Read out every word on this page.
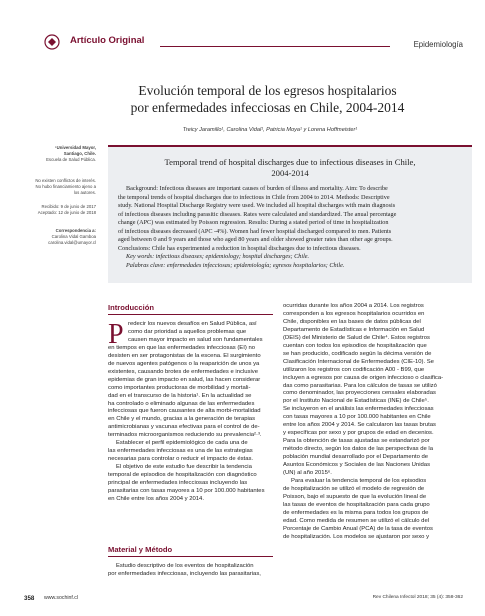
Artículo Original	Epidemiología
Evolución temporal de los egresos hospitalarios
por enfermedades infecciosas en Chile, 2004-2014
Treicy Jaramillo¹, Carolina Vidal¹, Patricia Moya¹ y Lorena Hoffmeister¹
¹Universidad Mayor,
Santiago, Chile.
Escuela de Salud Pública.
No existen conflictos de interés.
No hubo financiamiento ajeno a
los autores.
Recibido: 9 de junio de 2017
Aceptado: 12 de junio de 2018
Correspondencia a:
Carolina Vidal Gamboa
carolina.vidal@umayor.cl
Temporal trend of hospital discharges due to infectious diseases in Chile,
2004-2014
Background: Infectious diseases are important causes of burden of illness and mortality. Aim: To describe
the temporal trends of hospital discharges due to infectious in Chile from 2004 to 2014. Methods: Descriptive
study. National Hospital Discharge Registry were used. We included all hospital discharges with main diagnosis
of infectious diseases including parasitic diseases. Rates were calculated and standardized. The anual percentage
change (APC) was estimated by Poisson regression. Results: During a stated period of time in hospitalization
of infectious diseases decreased (APC -4%). Women had fewer hospital discharged compared to men. Patients
aged between 0 and 9 years and those who aged 80 years and older showed greater rates than other age groups.
Conclusions: Chile has experimented a reduction in hospital discharges due to infectious diseases.
Key words: infectious diseases; epidemiology; hospital discharges; Chile.
Palabras clave: enfermedades infecciosas; epidemiología; egresos hospitalarios; Chile.
Introducción
P redecir los nuevos desafíos en Salud Pública, así
como dar prioridad a aquellos problemas que
causen mayor impacto en salud son fundamentales
en tiempos en que las enfermedades infecciosas (EI) no
desisten en ser protagonistas de la escena. El surgimiento
de nuevos agentes patógenos o la reaparición de unos ya
existentes, causando brotes de enfermedades e inclusive
epidemias de gran impacto en salud, las hacen considerar
como importantes productoras de morbilidad y mortali-
dad en el transcurso de la historia¹. En la actualidad se
ha controlado o eliminado algunas de las enfermedades
infecciosas que fueron causantes de alta morbi-mortalidad
en Chile y el mundo, gracias a la generación de terapias
antimicrobianas y vacunas efectivas para el control de de-
terminados microorganismos reduciendo su prevalencia²·³.
Establecer el perfil epidemiológico de cada una de
las enfermedades infecciosas es una de las estrategias
necesarias para controlar o reducir el impacto de éstas.
El objetivo de este estudio fue describir la tendencia
temporal de episodios de hospitalización con diagnóstico
principal de enfermedades infecciosas incluyendo las
parasitarias con tasas mayores a 10 por 100.000 habitantes
en Chile entre los años 2004 y 2014.
Material y Método
Estudio descriptivo de los eventos de hospitalización
por enfermedades infecciosas, incluyendo las parasitarias,
ocurridas durante los años 2004 a 2014. Los registros
corresponden a los egresos hospitalarios ocurridos en
Chile, disponibles en las bases de datos públicas del
Departamento de Estadísticas e Información en Salud
(DEIS) del Ministerio de Salud de Chile⁴. Estos registros
cuentan con todos los episodios de hospitalización que
se han producido, codificado según la décima versión de
Clasificación Internacional de Enfermedades (CIE-10). Se
utilizaron los registros con codificación A00 - B99, que
incluyen a egresos por causa de origen infeccioso o clasifica-
das como parasitarias. Para los cálculos de tasas se utilizó
como denominador, las proyecciones censales elaboradas
por el Instituto Nacional de Estadísticas (INE) de Chile⁵.
Se incluyeron en el análisis las enfermedades infecciosas
con tasas mayores a 10 por 100.000 habitantes en Chile
entre los años 2004 y 2014. Se calcularon las tasas brutas
y específicas por sexo y por grupos de edad en decenios.
Para la obtención de tasas ajustadas se estandarizó por
método directo, según los datos de las perspectivas de la
población mundial desarrollado por el Departamento de
Asuntos Económicos y Sociales de las Naciones Unidas
(UN) al año 2015⁶.
Para evaluar la tendencia temporal de los episodios
de hospitalización se utilizó el modelo de regresión de
Poisson, bajo el supuesto de que la evolución lineal de
las tasas de eventos de hospitalización para cada grupo
de enfermedades es la misma para todos los grupos de
edad. Como medida de resumen se utilizó el cálculo del
Porcentaje de Cambio Anual (PCA) de la tasa de eventos
de hospitalización. Los modelos se ajustaron por sexo y
358 www.sochinf.cl	Rev Chilena Infectol 2018; 35 (4): 358-362
